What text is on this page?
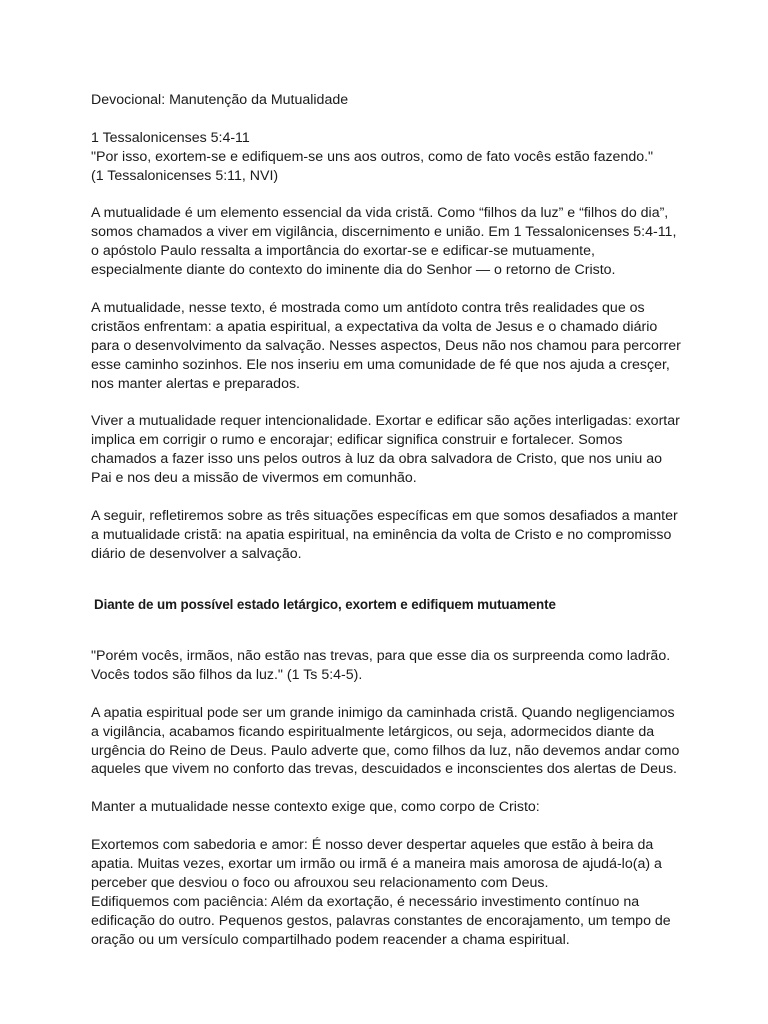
Devocional: Manutenção da Mutualidade

1 Tessalonicenses 5:4-11

"Por isso, exortem-se e edifiquem-se uns aos outros, como de fato vocês estão fazendo."

(1 Tessalonicenses 5:11, NVI)

A mutualidade é um elemento essencial da vida cristã. Como “filhos da luz” e “filhos do dia”, somos chamados a viver em vigilância, discernimento e união. Em 1 Tessalonicenses 5:4-11, o apóstolo Paulo ressalta a importância do exortar-se e edificar-se mutuamente, especialmente diante do contexto do iminente dia do Senhor — o retorno de Cristo.

A mutualidade, nesse texto, é mostrada como um antídoto contra três realidades que os cristãos enfrentam: a apatia espiritual, a expectativa da volta de Jesus e o chamado diário para o desenvolvimento da salvação. Nesses aspectos, Deus não nos chamou para percorrer esse caminho sozinhos. Ele nos inseriu em uma comunidade de fé que nos ajuda a cresçer, nos manter alertas e preparados.

Viver a mutualidade requer intencionalidade. Exortar e edificar são ações interligadas: exortar implica em corrigir o rumo e encorajar; edificar significa construir e fortalecer. Somos chamados a fazer isso uns pelos outros à luz da obra salvadora de Cristo, que nos uniu ao Pai e nos deu a missão de vivermos em comunhão.

A seguir, refletiremos sobre as três situações específicas em que somos desafiados a manter a mutualidade cristã: na apatia espiritual, na eminência da volta de Cristo e no compromisso diário de desenvolver a salvação.

Diante de um possível estado letárgico, exortem e edifiquem mutuamente

"Porém vocês, irmãos, não estão nas trevas, para que esse dia os surpreenda como ladrão. Vocês todos são filhos da luz." (1 Ts 5:4-5).

A apatia espiritual pode ser um grande inimigo da caminhada cristã. Quando negligenciamos a vigilância, acabamos ficando espiritualmente letárgicos, ou seja, adormecidos diante da urgência do Reino de Deus. Paulo adverte que, como filhos da luz, não devemos andar como aqueles que vivem no conforto das trevas, descuidados e inconscientes dos alertas de Deus.

Manter a mutualidade nesse contexto exige que, como corpo de Cristo:

Exortemos com sabedoria e amor: É nosso dever despertar aqueles que estão à beira da apatia. Muitas vezes, exortar um irmão ou irmã é a maneira mais amorosa de ajudá-lo(a) a perceber que desviou o foco ou afrouxou seu relacionamento com Deus.

Edifiquemos com paciência: Além da exortação, é necessário investimento contínuo na edificação do outro. Pequenos gestos, palavras constantes de encorajamento, um tempo de oração ou um versículo compartilhado podem reacender a chama espiritual.
